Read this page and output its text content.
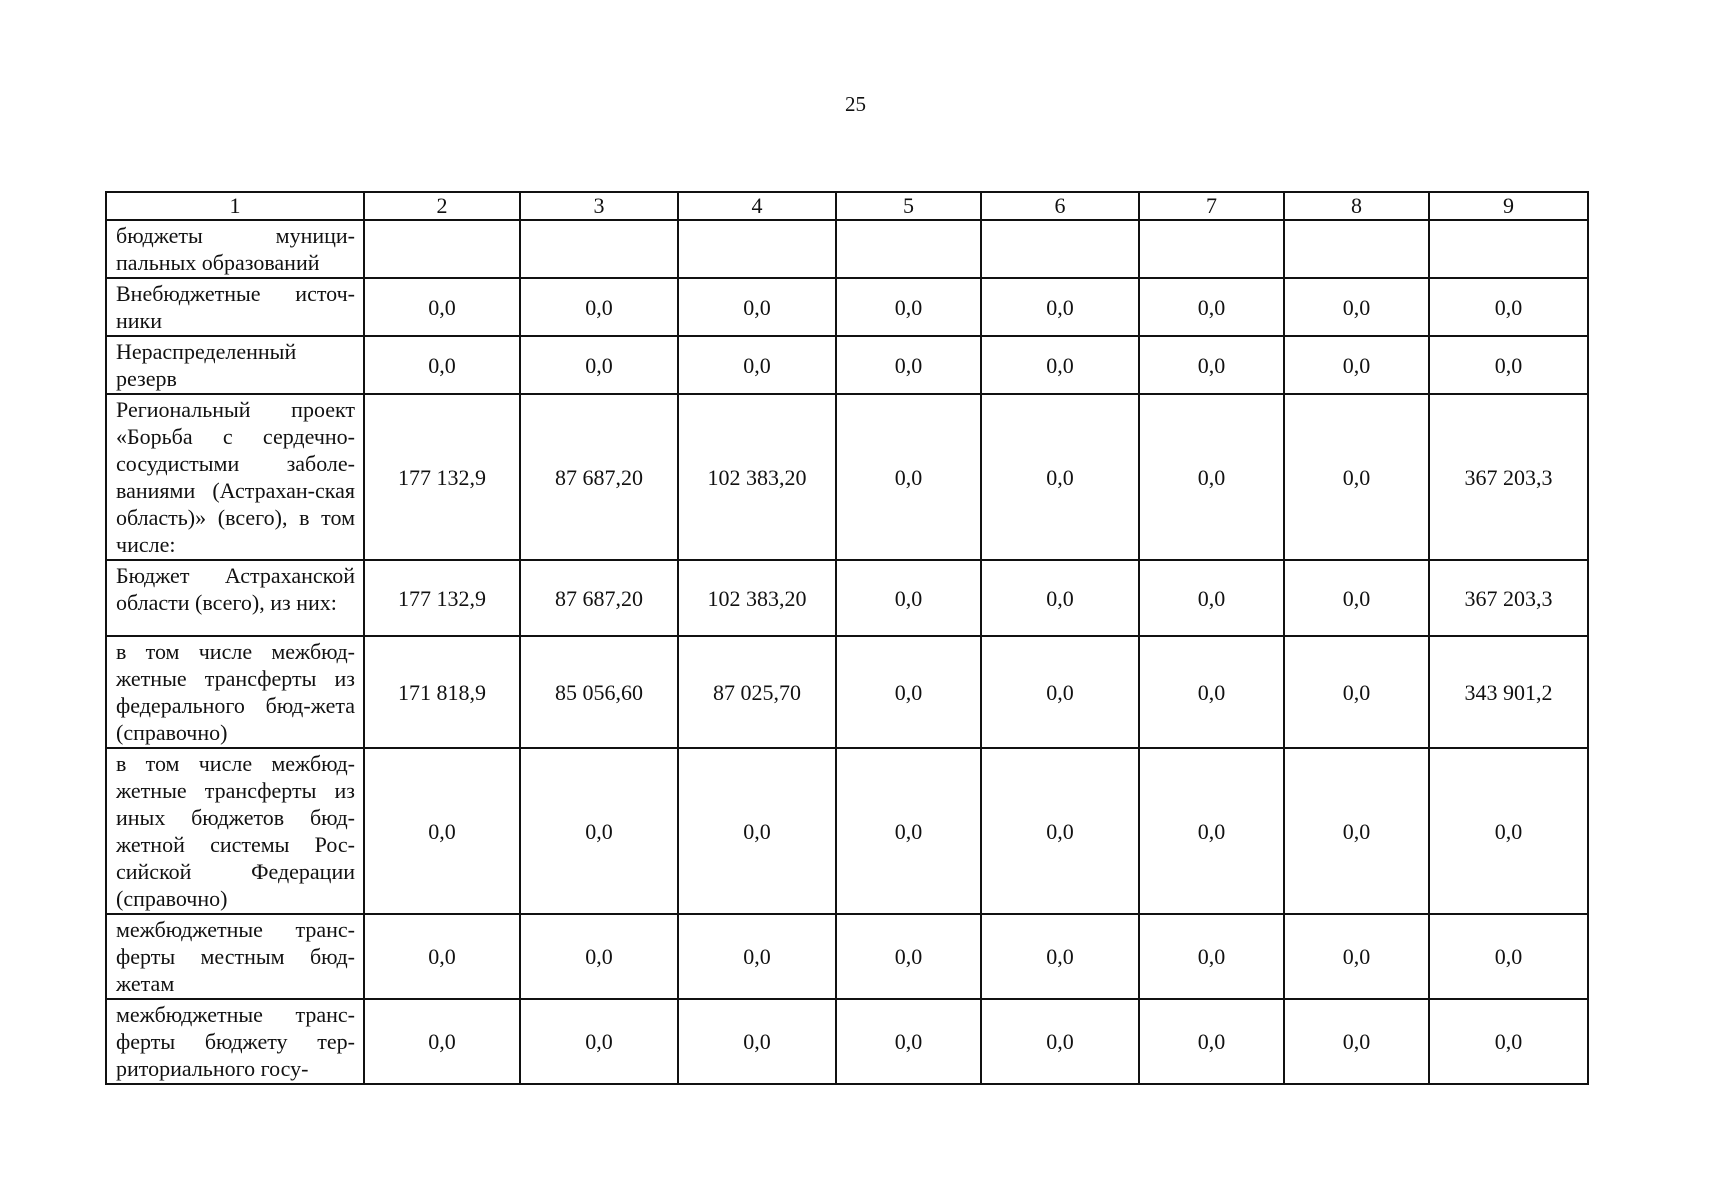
25
1	2	3	4	5	6	7	8	9
бюджеты муници-пальных образований								
Внебюджетные источ-ники	0,0	0,0	0,0	0,0	0,0	0,0	0,0	0,0
Нераспределенный резерв	0,0	0,0	0,0	0,0	0,0	0,0	0,0	0,0
Региональный проект «Борьба с сердечно-сосудистыми заболе-ваниями (Астрахан-ская область)» (всего), в том числе:	177 132,9	87 687,20	102 383,20	0,0	0,0	0,0	0,0	367 203,3
Бюджет Астраханской области (всего), из них:	177 132,9	87 687,20	102 383,20	0,0	0,0	0,0	0,0	367 203,3
в том числе межбюд-жетные трансферты из федерального бюд-жета (справочно)	171 818,9	85 056,60	87 025,70	0,0	0,0	0,0	0,0	343 901,2
в том числе межбюд-жетные трансферты из иных бюджетов бюд-жетной системы Рос-сийской Федерации (справочно)	0,0	0,0	0,0	0,0	0,0	0,0	0,0	0,0
межбюджетные транс-ферты местным бюд-жетам	0,0	0,0	0,0	0,0	0,0	0,0	0,0	0,0
межбюджетные транс-ферты бюджету тер-риториального госу-	0,0	0,0	0,0	0,0	0,0	0,0	0,0	0,0
